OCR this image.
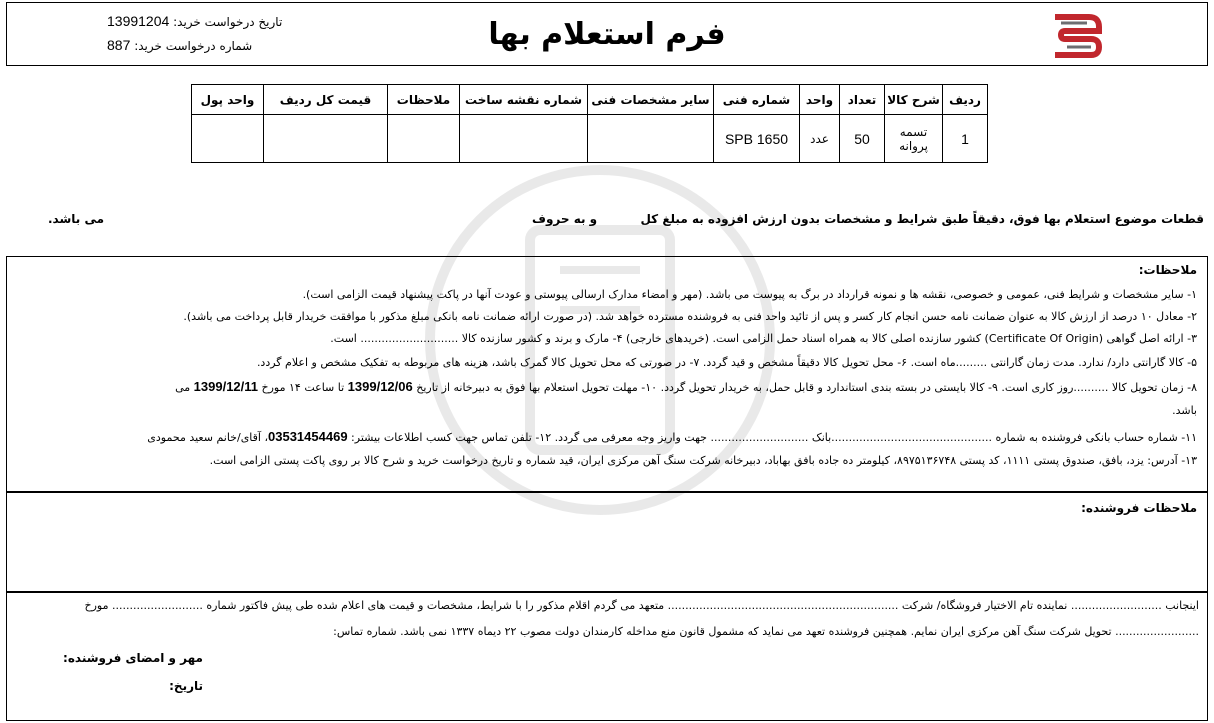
تاریخ درخواست خرید: 13991204
شماره درخواست خرید: 887	فرم استعلام بها
ردیف	شرح کالا	تعداد	واحد	شماره فنی	سایر مشخصات فنی	شماره نقشه ساخت	ملاحظات	قیمت کل ردیف	واحد پول
1	تسمه پروانه	50	عدد	SPB 1650					
قطعات موضوع استعلام بها فوق، دقیقاً طبق شرایط و مشخصات بدون ارزش افزوده به مبلغ کل
و به حروف
می باشد.
ملاحظات:
۱- سایر مشخصات و شرایط فنی، عمومی و خصوصی، نقشه ها و نمونه قرارداد در برگ به پیوست می باشد. (مهر و امضاء مدارک ارسالی پیوستی و عودت آنها در پاکت پیشنهاد قیمت الزامی است).
۲- معادل ۱۰ درصد از ارزش کالا به عنوان ضمانت نامه حسن انجام کار کسر و پس از تائید واحد فنی به فروشنده مسترده خواهد شد. (در صورت ارائه ضمانت نامه بانکی مبلغ مذکور با موافقت خریدار قابل پرداخت می باشد).
۳- ارائه اصل گواهی (Certificate Of Origin) کشور سازنده اصلی کالا به همراه اسناد حمل الزامی است. (خریدهای خارجی) ۴- مارک و برند و کشور سازنده کالا ............................ است.
۵- کالا گارانتی دارد/ ندارد. مدت زمان گارانتی .........ماه است. ۶- محل تحویل کالا دقیقاً مشخص و قید گردد. ۷- در صورتی که محل تحویل کالا گمرک باشد، هزینه های مربوطه به تفکیک مشخص و اعلام گردد.
۸- زمان تحویل کالا ..........روز کاری است. ۹- کالا بایستی در بسته بندی استاندارد و قابل حمل، به خریدار تحویل گردد. ۱۰- مهلت تحویل استعلام بها فوق به دبیرخانه از تاریخ 1399/12/06 تا ساعت ۱۴ مورخ 1399/12/11 می
باشد.
۱۱- شماره حساب بانکی فروشنده به شماره ..............................................بانک ............................ جهت واریز وجه معرفی می گردد. ۱۲- تلفن تماس جهت کسب اطلاعات بیشتر: 03531454469، آقای/خانم سعید محمودی
۱۳- آدرس: یزد، بافق، صندوق پستی ۱۱۱۱، کد پستی ۸۹۷۵۱۳۶۷۴۸، کیلومتر ده جاده بافق بهاباد، دبیرخانه شرکت سنگ آهن مرکزی ایران، قید شماره و تاریخ درخواست خرید و شرح کالا بر روی پاکت پستی الزامی است.
ملاحظات فروشنده:
اینجانب .......................... نماینده تام الاختیار فروشگاه/ شرکت .................................................................. متعهد می گردم اقلام مذکور را با شرایط، مشخصات و قیمت های اعلام شده طی پیش فاکتور شماره .......................... مورخ
........................ تحویل شرکت سنگ آهن مرکزی ایران نمایم. همچنین فروشنده تعهد می نماید که مشمول قانون منع مداخله کارمندان دولت مصوب ۲۲ دیماه ۱۳۳۷ نمی باشد. شماره تماس:
مهر و امضای فروشنده:
تاریخ:
